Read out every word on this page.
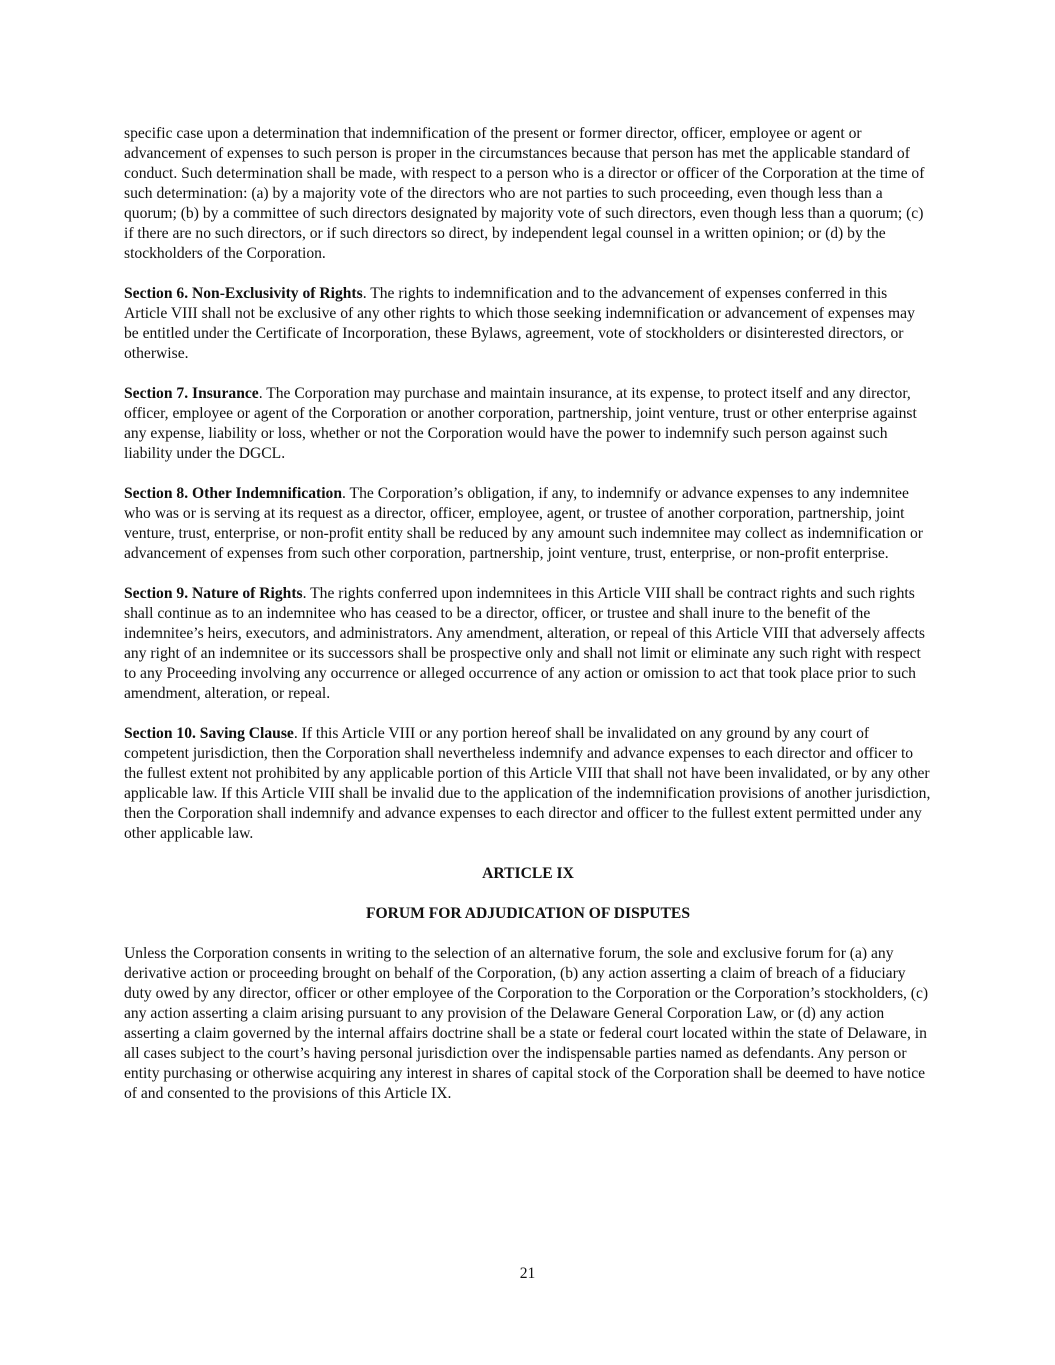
specific case upon a determination that indemnification of the present or former director, officer, employee or agent or advancement of expenses to such person is proper in the circumstances because that person has met the applicable standard of conduct. Such determination shall be made, with respect to a person who is a director or officer of the Corporation at the time of such determination: (a) by a majority vote of the directors who are not parties to such proceeding, even though less than a quorum; (b) by a committee of such directors designated by majority vote of such directors, even though less than a quorum; (c) if there are no such directors, or if such directors so direct, by independent legal counsel in a written opinion; or (d) by the stockholders of the Corporation.

Section 6. Non-Exclusivity of Rights. The rights to indemnification and to the advancement of expenses conferred in this Article VIII shall not be exclusive of any other rights to which those seeking indemnification or advancement of expenses may be entitled under the Certificate of Incorporation, these Bylaws, agreement, vote of stockholders or disinterested directors, or otherwise.

Section 7. Insurance. The Corporation may purchase and maintain insurance, at its expense, to protect itself and any director, officer, employee or agent of the Corporation or another corporation, partnership, joint venture, trust or other enterprise against any expense, liability or loss, whether or not the Corporation would have the power to indemnify such person against such liability under the DGCL.

Section 8. Other Indemnification. The Corporation’s obligation, if any, to indemnify or advance expenses to any indemnitee who was or is serving at its request as a director, officer, employee, agent, or trustee of another corporation, partnership, joint venture, trust, enterprise, or non-profit entity shall be reduced by any amount such indemnitee may collect as indemnification or advancement of expenses from such other corporation, partnership, joint venture, trust, enterprise, or non-profit enterprise.

Section 9. Nature of Rights. The rights conferred upon indemnitees in this Article VIII shall be contract rights and such rights shall continue as to an indemnitee who has ceased to be a director, officer, or trustee and shall inure to the benefit of the indemnitee’s heirs, executors, and administrators. Any amendment, alteration, or repeal of this Article VIII that adversely affects any right of an indemnitee or its successors shall be prospective only and shall not limit or eliminate any such right with respect to any Proceeding involving any occurrence or alleged occurrence of any action or omission to act that took place prior to such amendment, alteration, or repeal.

Section 10. Saving Clause. If this Article VIII or any portion hereof shall be invalidated on any ground by any court of competent jurisdiction, then the Corporation shall nevertheless indemnify and advance expenses to each director and officer to the fullest extent not prohibited by any applicable portion of this Article VIII that shall not have been invalidated, or by any other applicable law. If this Article VIII shall be invalid due to the application of the indemnification provisions of another jurisdiction, then the Corporation shall indemnify and advance expenses to each director and officer to the fullest extent permitted under any other applicable law.

ARTICLE IX

FORUM FOR ADJUDICATION OF DISPUTES

Unless the Corporation consents in writing to the selection of an alternative forum, the sole and exclusive forum for (a) any derivative action or proceeding brought on behalf of the Corporation, (b) any action asserting a claim of breach of a fiduciary duty owed by any director, officer or other employee of the Corporation to the Corporation or the Corporation’s stockholders, (c) any action asserting a claim arising pursuant to any provision of the Delaware General Corporation Law, or (d) any action asserting a claim governed by the internal affairs doctrine shall be a state or federal court located within the state of Delaware, in all cases subject to the court’s having personal jurisdiction over the indispensable parties named as defendants. Any person or entity purchasing or otherwise acquiring any interest in shares of capital stock of the Corporation shall be deemed to have notice of and consented to the provisions of this Article IX.

21
